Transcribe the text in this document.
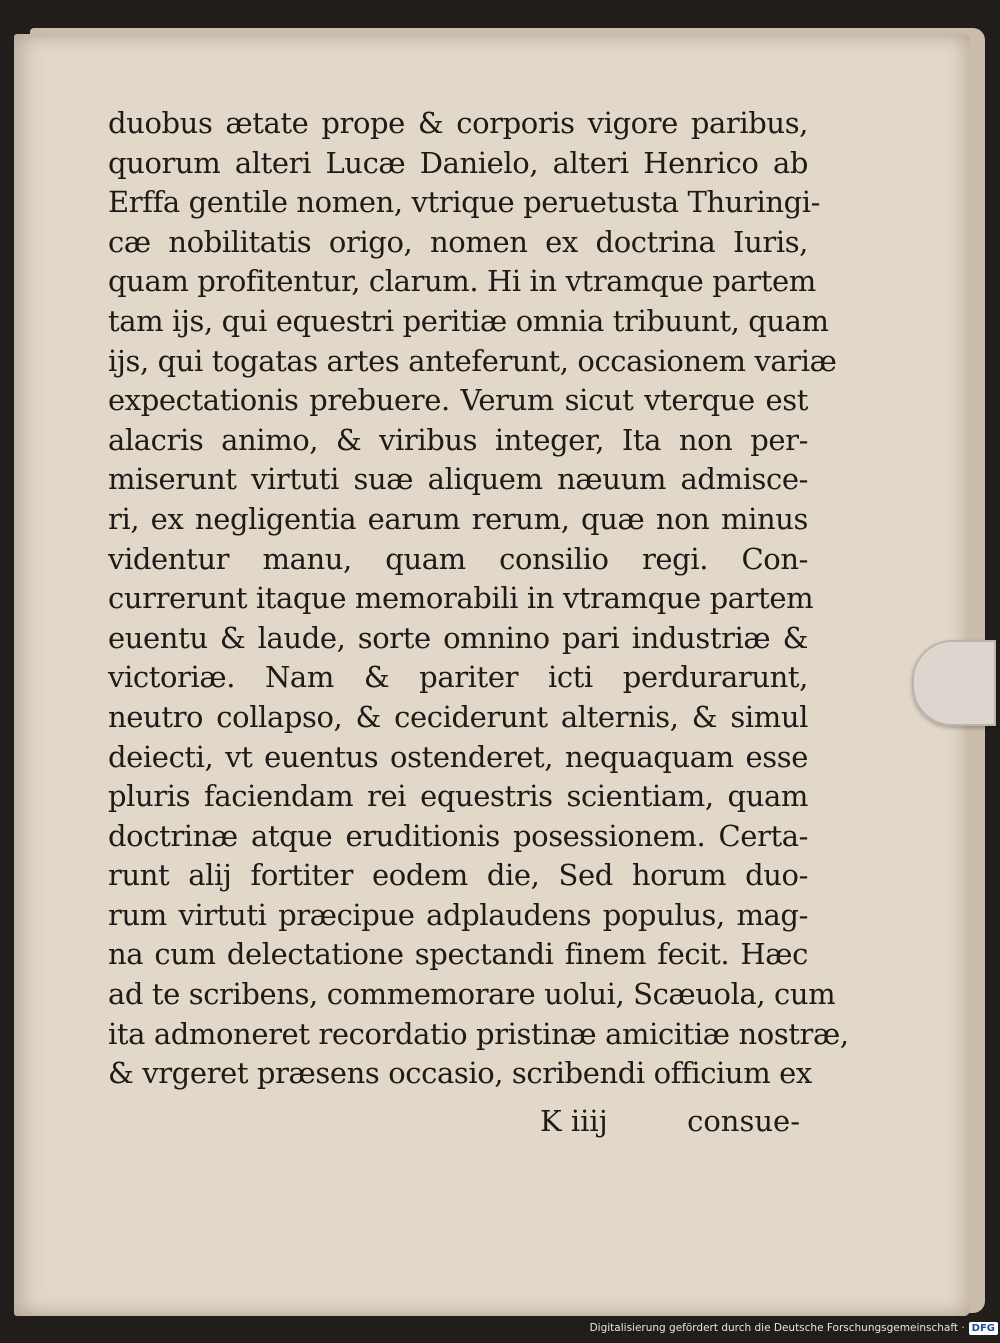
duobus ætate prope & corporis vigore paribus,
quorum alteri Lucæ Danielo, alteri Henrico ab
Erffa gentile nomen, vtrique peruetusta Thuringi-
cæ nobilitatis origo, nomen ex doctrina Iuris,
quam profitentur, clarum. Hi in vtramque partem
tam ijs, qui equestri peritiæ omnia tribuunt, quam
ijs, qui togatas artes anteferunt, occasionem variæ
expectationis prebuere. Verum sicut vterque est
alacris animo, & viribus integer, Ita non per-
miserunt virtuti suæ aliquem næuum admisce-
ri, ex negligentia earum rerum, quæ non minus
videntur manu, quam consilio regi. Con-
currerunt itaque memorabili in vtramque partem
euentu & laude, sorte omnino pari industriæ &
victoriæ. Nam & pariter icti perdurarunt,
neutro collapso, & ceciderunt alternis, & simul
deiecti, vt euentus ostenderet, nequaquam esse
pluris faciendam rei equestris scientiam, quam
doctrinæ atque eruditionis posessionem. Certa-
runt alij fortiter eodem die, Sed horum duo-
rum virtuti præcipue adplaudens populus, mag-
na cum delectatione spectandi finem fecit. Hæc
ad te scribens, commemorare uolui, Scæuola, cum
ita admoneret recordatio pristinæ amicitiæ nostræ,
& vrgeret præsens occasio, scribendi officium ex
K iiij	consue-
Digitalisierung gefördert durch die Deutsche Forschungsgemeinschaft · DFG
